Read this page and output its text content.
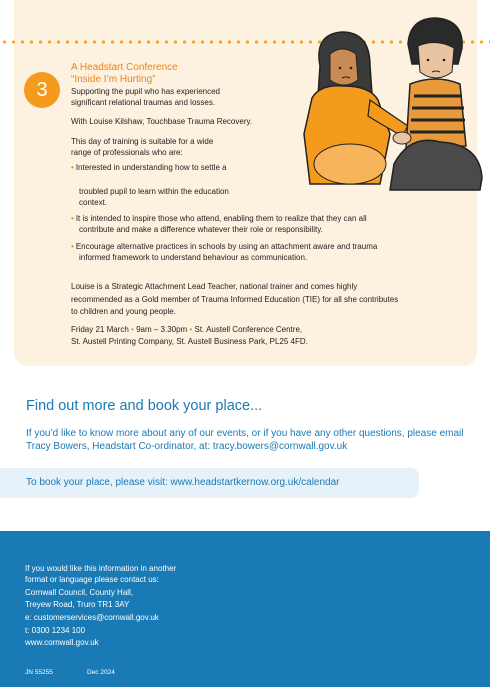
3
A Headstart Conference
“Inside I’m Hurting”
Supporting the pupil who has experienced
significant relational traumas and losses.
With Louise Kilshaw, Touchbase Trauma Recovery.
This day of training is suitable for a wide
range of professionals who are:
• Interested in understanding how to settle a
troubled pupil to learn within the education
context.
• It is intended to inspire those who attend, enabling them to realize that they can all
contribute and make a difference whatever their role or responsibility.
• Encourage alternative practices in schools by using an attachment aware and trauma
informed framework to understand behaviour as communication.
Louise is a Strategic Attachment Lead Teacher, national trainer and comes highly
recommended as a Gold member of Trauma Informed Education (TIE) for all she contributes
to children and young people.
Friday 21 March • 9am – 3.30pm • St. Austell Conference Centre,
St. Austell Printing Company, St. Austell Business Park, PL25 4FD.
Find out more and book your place...
If you’d like to know more about any of our events, or if you have any other questions, please email Tracy Bowers, Headstart Co-ordinator, at: tracy.bowers@cornwall.gov.uk
To book your place, please visit: www.headstartkernow.org.uk/calendar
If you would like this information in another
format or language please contact us:
Cornwall Council, County Hall,
Treyew Road, Truro TR1 3AY
e: customerservices@cornwall.gov.uk
t: 0300 1234 100
www.cornwall.gov.uk
JN 55255	Dec 2024
